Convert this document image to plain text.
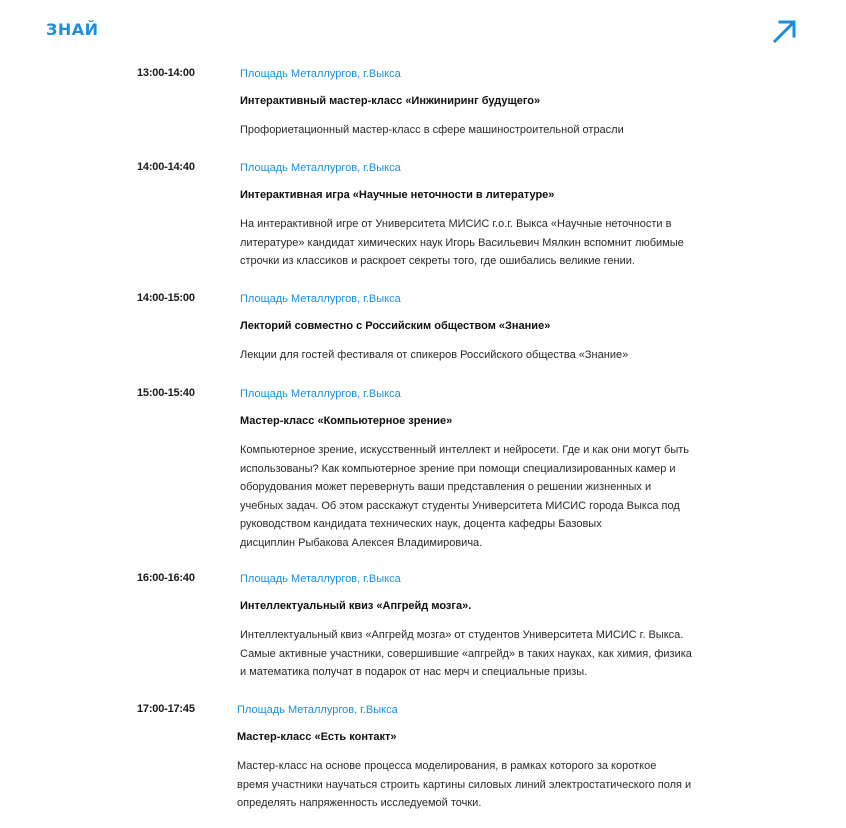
ЗНАЙ
13:00-14:00	Площадь Металлургов, г.Выкса
Интерактивный мастер-класс «Инжиниринг будущего»
Профориетационный мастер-класс в сфере машиностроительной отрасли
14:00-14:40	Площадь Металлургов, г.Выкса
Интерактивная игра «Научные неточности в литературе»
На интерактивной игре от Университета МИСИС г.о.г. Выкса «Научные неточности в
литературе» кандидат химических наук Игорь Васильевич Мялкин вспомнит любимые
строчки из классиков и раскроет секреты того, где ошибались великие гении.
14:00-15:00	Площадь Металлургов, г.Выкса
Лекторий совместно с Российским обществом «Знание»
Лекции для гостей фестиваля от спикеров Российского общества «Знание»
15:00-15:40	Площадь Металлургов, г.Выкса
Мастер-класс «Компьютерное зрение»
Компьютерное зрение, искусственный интеллект и нейросети. Где и как они могут быть
использованы? Как компьютерное зрение при помощи специализированных камер и
оборудования может перевернуть ваши представления о решении жизненных и
учебных задач. Об этом расскажут студенты Университета МИСИС города Выкса под
руководством кандидата технических наук, доцента кафедры Базовых
дисциплин Рыбакова Алексея Владимировича.
16:00-16:40	Площадь Металлургов, г.Выкса
Интеллектуальный квиз «Апгрейд мозга».
Интеллектуальный квиз «Апгрейд мозга» от студентов Университета МИСИС г. Выкса.
Самые активные участники, совершившие «апгрейд» в таких науках, как химия, физика
и математика получат в подарок от нас мерч и специальные призы.
17:00-17:45	Площадь Металлургов, г.Выкса
Мастер-класс «Есть контакт»
Мастер-класс на основе процесса моделирования, в рамках которого за короткое
время участники научаться строить картины силовых линий электростатического поля и
определять напряженность исследуемой точки.
